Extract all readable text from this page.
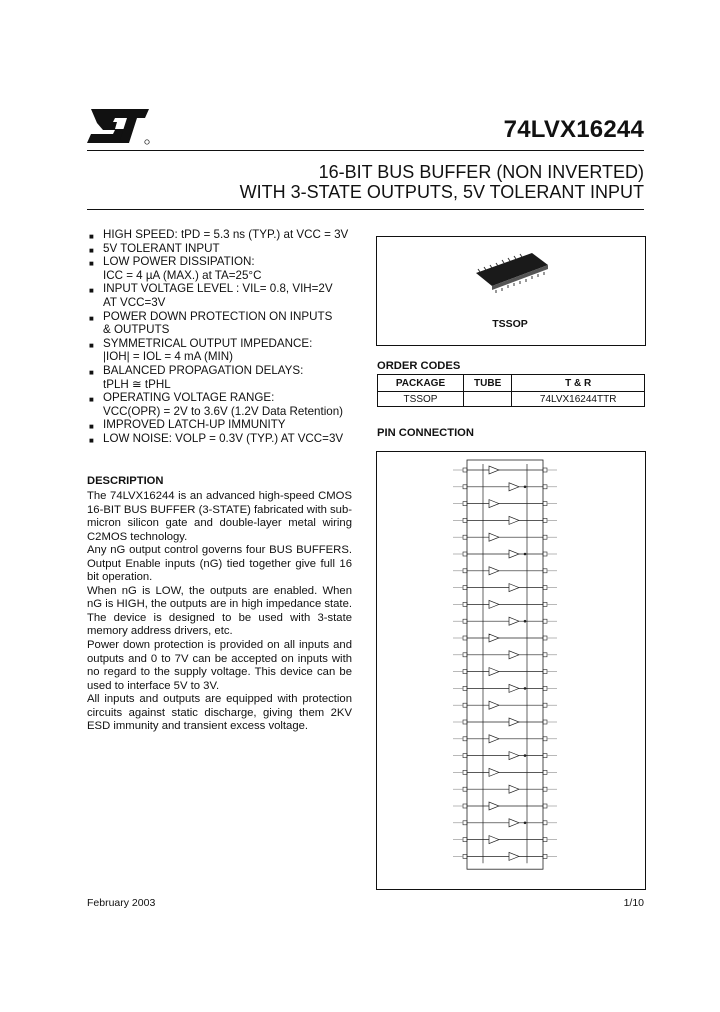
74LVX16244
16-BIT BUS BUFFER (NON INVERTED)
WITH 3-STATE OUTPUTS, 5V TOLERANT INPUT
■ HIGH SPEED: tPD = 5.3 ns (TYP.) at VCC = 3V
■ 5V TOLERANT INPUT
■ LOW POWER DISSIPATION:
ICC = 4 µA (MAX.) at TA=25°C
■ INPUT VOLTAGE LEVEL : VIL= 0.8, VIH=2V
AT VCC=3V
■ POWER DOWN PROTECTION ON INPUTS
& OUTPUTS
■ SYMMETRICAL OUTPUT IMPEDANCE:
|IOH| = IOL = 4 mA (MIN)
■ BALANCED PROPAGATION DELAYS:
tPLH ≅ tPHL
■ OPERATING VOLTAGE RANGE:
VCC(OPR) = 2V to 3.6V (1.2V Data Retention)
■ IMPROVED LATCH-UP IMMUNITY
■ LOW NOISE: VOLP = 0.3V (TYP.) AT VCC=3V
DESCRIPTION

The 74LVX16244 is an advanced high-speed CMOS 16-BIT BUS BUFFER (3-STATE) fabricated with sub-micron silicon gate and double-layer metal wiring C2MOS technology.

Any nG output control governs four BUS BUFFERS. Output Enable inputs (nG) tied together give full 16 bit operation.

When nG is LOW, the outputs are enabled. When nG is HIGH, the outputs are in high impedance state.

The device is designed to be used with 3-state memory address drivers, etc.

Power down protection is provided on all inputs and outputs and 0 to 7V can be accepted on inputs with no regard to the supply voltage. This device can be used to interface 5V to 3V.

All inputs and outputs are equipped with protection circuits against static discharge, giving them 2KV ESD immunity and transient excess voltage.

TSSOP
ORDER CODES
PACKAGE	TUBE	T & R
TSSOP		74LVX16244TTR
PIN CONNECTION
February 2003	1/10
